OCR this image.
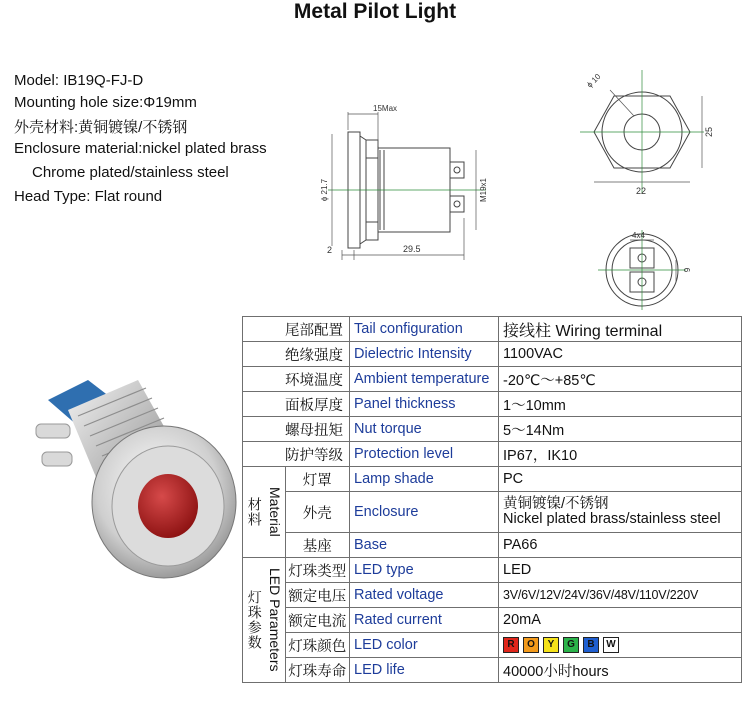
Metal Pilot Light
Model: IB19Q-FJ-D
Mounting hole size:Φ19mm
外壳材料:黄铜镀镍/不锈钢
Enclosure material:nickel plated brass
Chrome plated/stainless steel
Head Type: Flat round
15Max
ϕ 21.7	M19x1
2	29.5
ϕ 10
25
22
4x4
6
尾部配置		Tail configuration	接线柱 Wiring terminal
绝缘强度		Dielectric Intensity	1100VAC
环境温度		Ambient temperature	-20℃～+85℃
面板厚度		Panel thickness	1～10mm
螺母扭矩		Nut torque	5～14Nm
防护等级		Protection level	IP67，IK10

材料 Material	灯罩	Lamp shade	PC
	外壳	Enclosure	黄铜镀镍/不锈钢
Nickel plated brass/stainless steel

	基座	Base	PA66

灯珠参数 LED Parameters	灯珠类型	LED type	LED
	额定电压	Rated voltage	3V/6V/12V/24V/36V/48V/110V/220V
	额定电流	Rated current	20mA
	灯珠颜色	LED color	R O Y G B W
	灯珠寿命	LED life	40000小时hours
